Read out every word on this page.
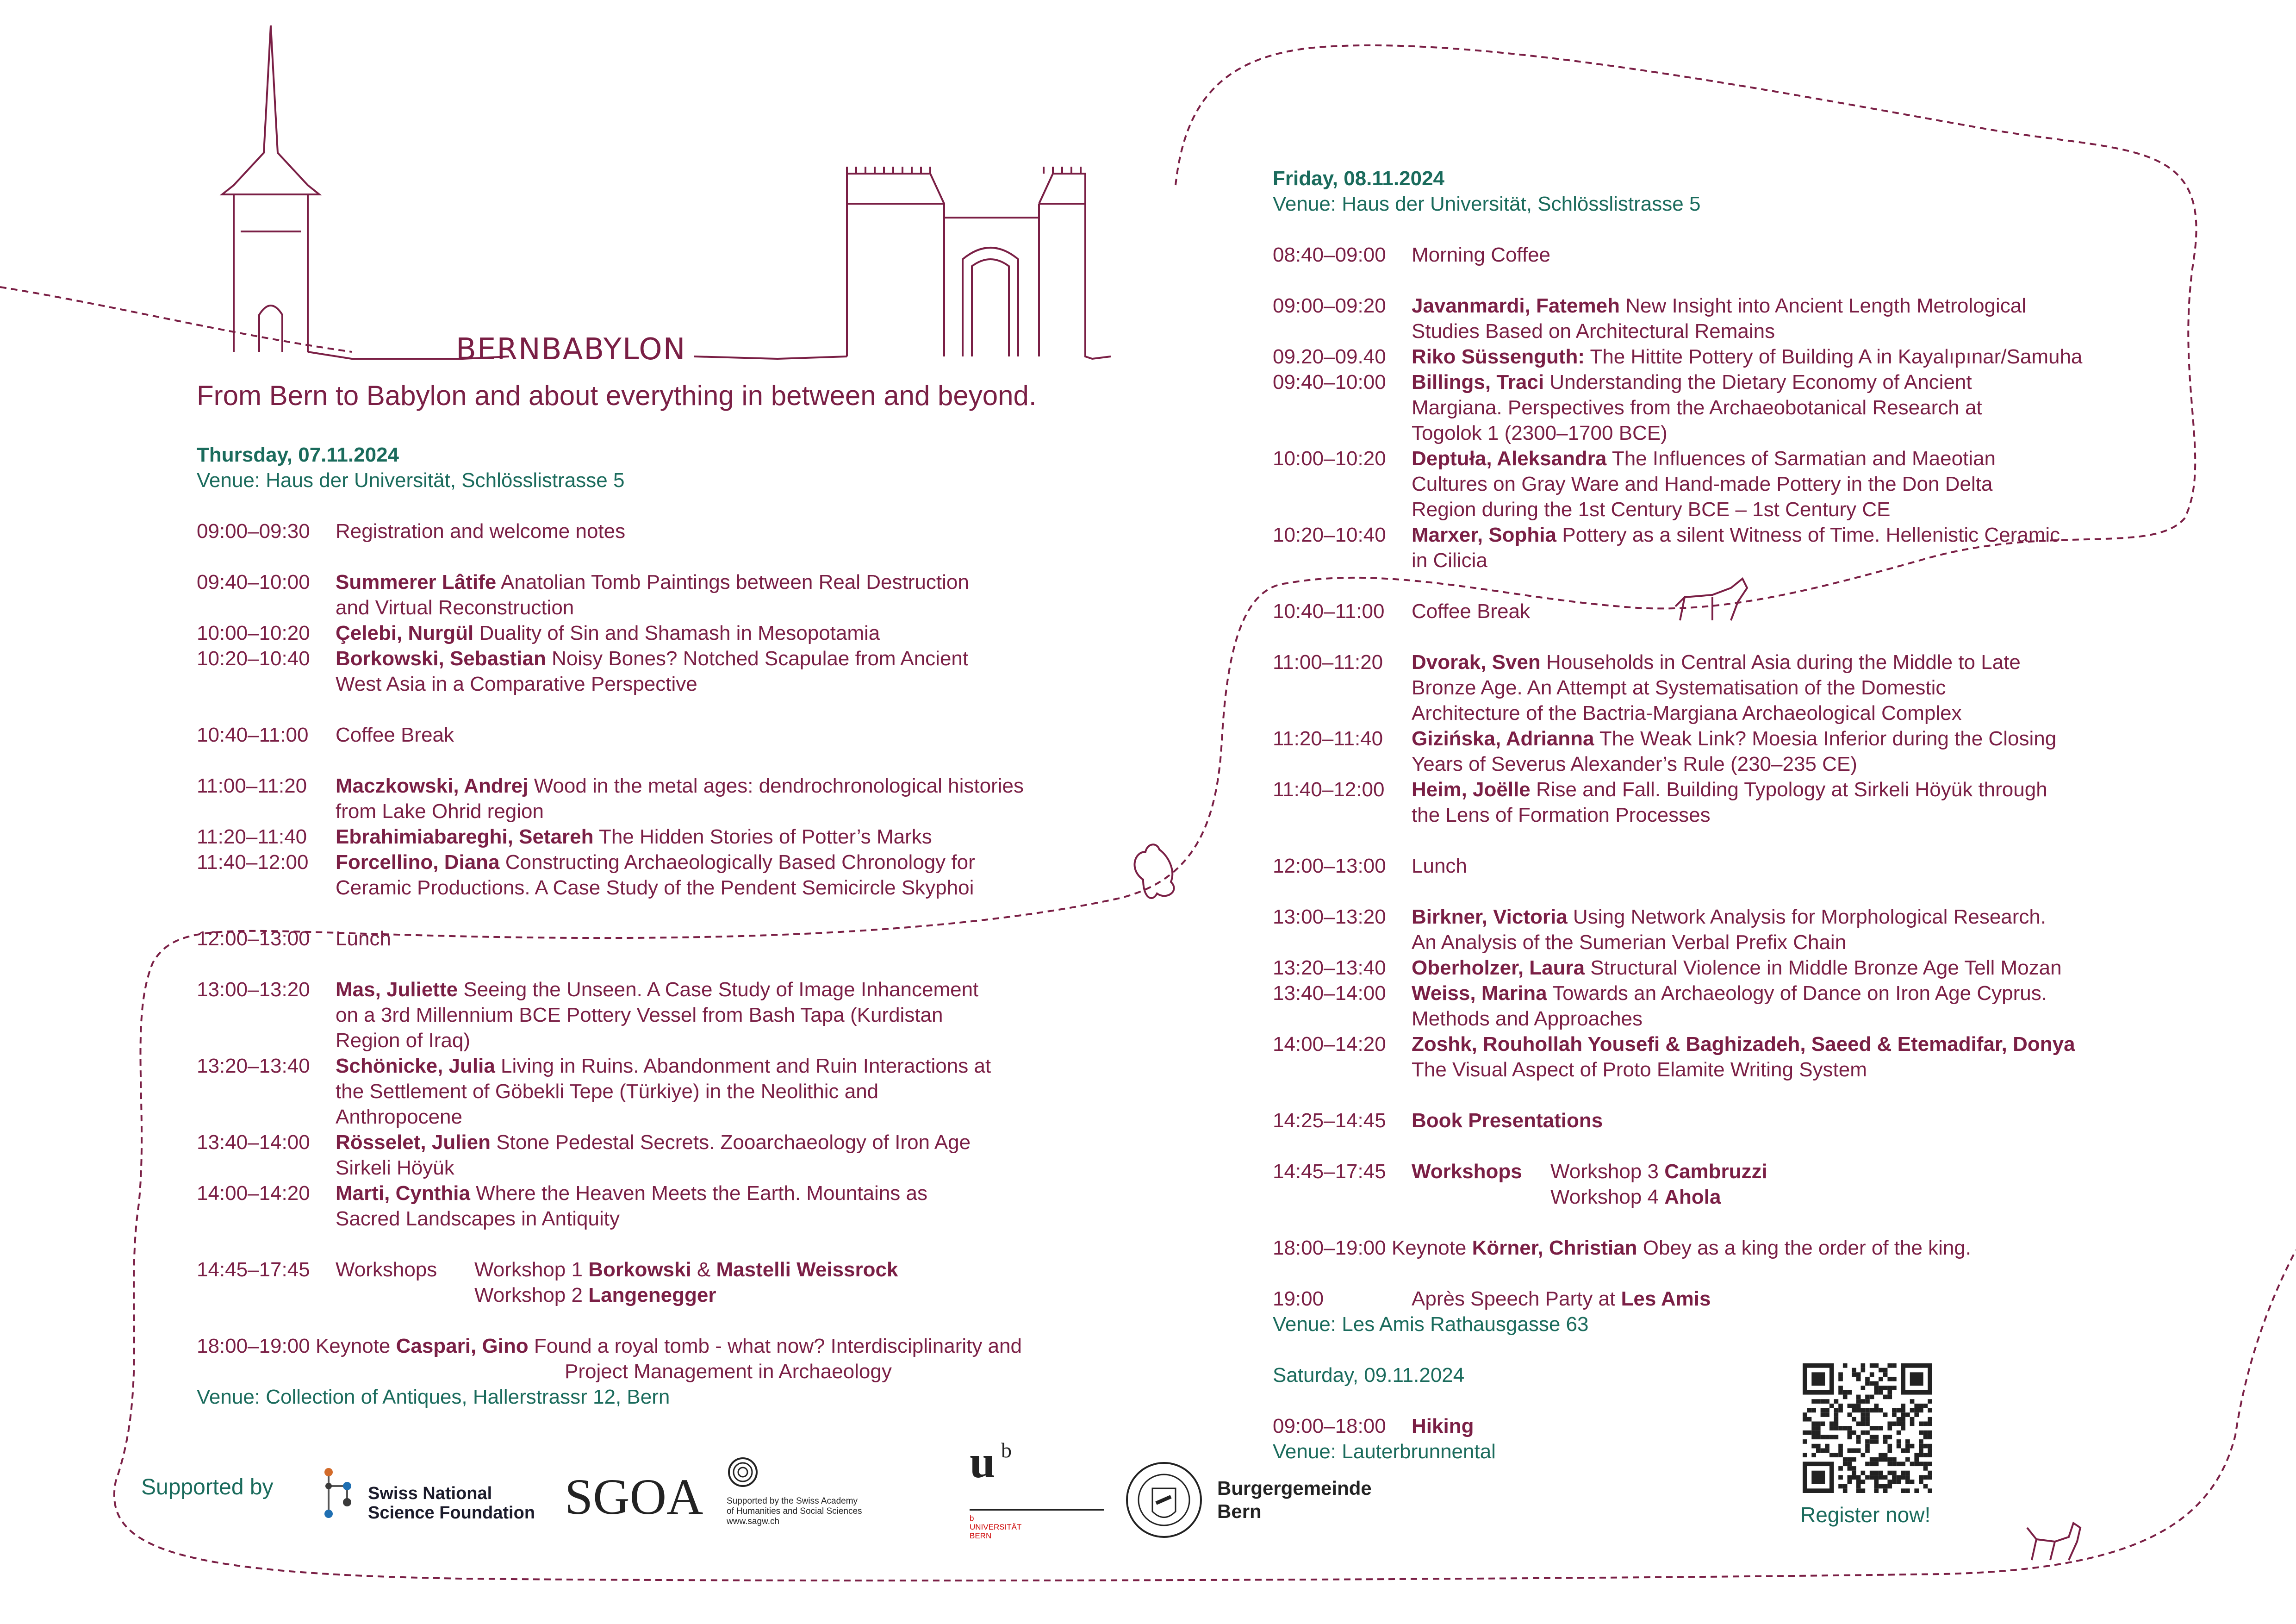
BERNBABYLON
From Bern to Babylon and about everything in between and beyond.
Thursday, 07.11.2024
Venue: Haus der Universität, Schlösslistrasse 5
09:00–09:30 Registration and welcome notes
09:40–10:00 Summerer Lâtife Anatolian Tomb Paintings between Real Destruction
and Virtual Reconstruction
10:00–10:20 Çelebi, Nurgül Duality of Sin and Shamash in Mesopotamia
10:20–10:40 Borkowski, Sebastian Noisy Bones? Notched Scapulae from Ancient
West Asia in a Comparative Perspective
10:40–11:00 Coffee Break
11:00–11:20 Maczkowski, Andrej Wood in the metal ages: dendrochronological histories
from Lake Ohrid region
11:20–11:40 Ebrahimiabareghi, Setareh The Hidden Stories of Potter’s Marks
11:40–12:00 Forcellino, Diana Constructing Archaeologically Based Chronology for
Ceramic Productions. A Case Study of the Pendent Semicircle Skyphoi
12:00–13:00 Lunch
13:00–13:20 Mas, Juliette Seeing the Unseen. A Case Study of Image Inhancement
on a 3rd Millennium BCE Pottery Vessel from Bash Tapa (Kurdistan
Region of Iraq)
13:20–13:40 Schönicke, Julia Living in Ruins. Abandonment and Ruin Interactions at
the Settlement of Göbekli Tepe (Türkiye) in the Neolithic and
Anthropocene
13:40–14:00 Rösselet, Julien Stone Pedestal Secrets. Zooarchaeology of Iron Age
Sirkeli Höyük
14:00–14:20 Marti, Cynthia Where the Heaven Meets the Earth. Mountains as
Sacred Landscapes in Antiquity
14:45–17:45 Workshops Workshop 1 Borkowski & Mastelli Weissrock
Workshop 2 Langenegger
18:00–19:00 Keynote Caspari, Gino Found a royal tomb - what now? Interdisciplinarity and
Project Management in Archaeology
Venue: Collection of Antiques, Hallerstrassr 12, Bern
Friday, 08.11.2024
Venue: Haus der Universität, Schlösslistrasse 5
08:40–09:00 Morning Coffee
09:00–09:20 Javanmardi, Fatemeh New Insight into Ancient Length Metrological
Studies Based on Architectural Remains
09.20–09.40 Riko Süssenguth: The Hittite Pottery of Building A in Kayalıpınar/Samuha
09:40–10:00 Billings, Traci Understanding the Dietary Economy of Ancient
Margiana. Perspectives from the Archaeobotanical Research at
Togolok 1 (2300–1700 BCE)
10:00–10:20 Deptuła, Aleksandra The Influences of Sarmatian and Maeotian
Cultures on Gray Ware and Hand-made Pottery in the Don Delta
Region during the 1st Century BCE – 1st Century CE
10:20–10:40 Marxer, Sophia Pottery as a silent Witness of Time. Hellenistic Ceramic
in Cilicia
10:40–11:00 Coffee Break
11:00–11:20 Dvorak, Sven Households in Central Asia during the Middle to Late
Bronze Age. An Attempt at Systematisation of the Domestic
Architecture of the Bactria-Margiana Archaeological Complex
11:20–11:40 Gizińska, Adrianna The Weak Link? Moesia Inferior during the Closing
Years of Severus Alexander’s Rule (230–235 CE)
11:40–12:00 Heim, Joëlle Rise and Fall. Building Typology at Sirkeli Höyük through
the Lens of Formation Processes
12:00–13:00 Lunch
13:00–13:20 Birkner, Victoria Using Network Analysis for Morphological Research.
An Analysis of the Sumerian Verbal Prefix Chain
13:20–13:40 Oberholzer, Laura Structural Violence in Middle Bronze Age Tell Mozan
13:40–14:00 Weiss, Marina Towards an Archaeology of Dance on Iron Age Cyprus.
Methods and Approaches
14:00–14:20 Zoshk, Rouhollah Yousefi & Baghizadeh, Saeed & Etemadifar, Donya
The Visual Aspect of Proto Elamite Writing System
14:25–14:45 Book Presentations
14:45–17:45 Workshops Workshop 3 Cambruzzi
Workshop 4 Ahola
18:00–19:00 Keynote Körner, Christian Obey as a king the order of the king.
19:00	Après Speech Party at Les Amis
Venue: Les Amis Rathausgasse 63
Saturday, 09.11.2024
09:00–18:00 Hiking
Venue: Lauterbrunnental
Supported by	Swiss National
Science Foundation SGOA	Supported by the Swiss Academy
of Humanities and Social Sciences
www.sagw.ch
u b
b
UNIVERSITÄT
BERN
Burgergemeinde
Bern	Register now!
